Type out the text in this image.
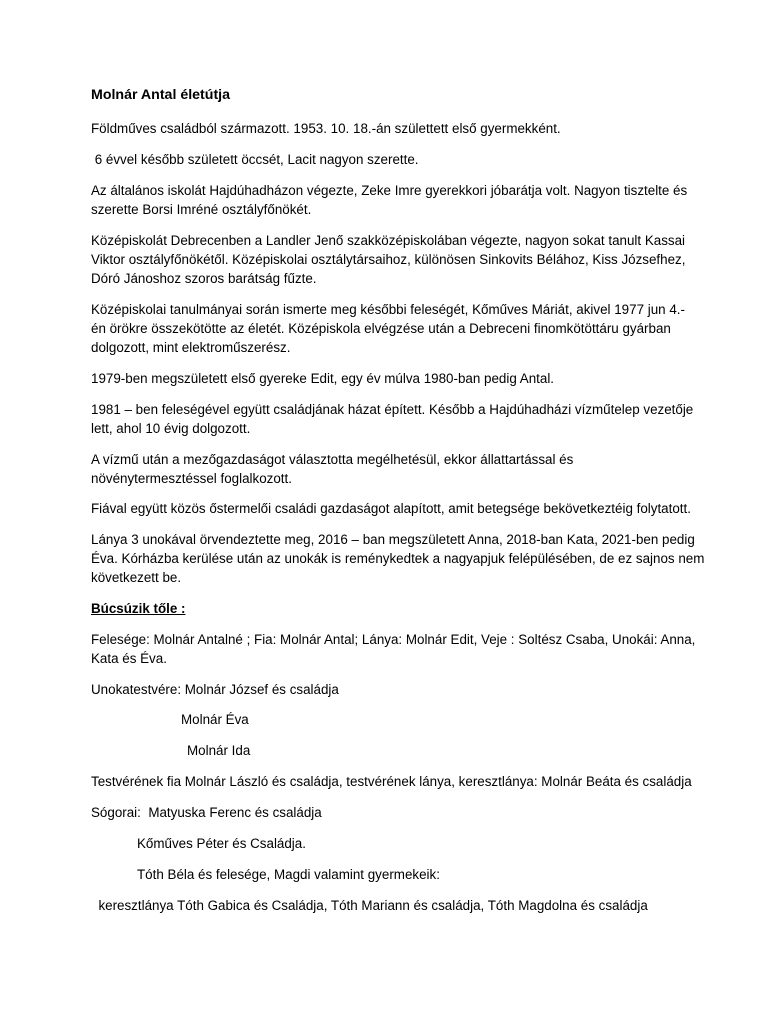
Molnár Antal életútja

Földműves családból származott. 1953. 10. 18.-án születtett első gyermekként.

6 évvel később született öccsét, Lacit nagyon szerette.

Az általános iskolát Hajdúhadházon végezte, Zeke Imre gyerekkori jóbarátja volt. Nagyon tisztelte és

szerette Borsi Imréné osztályfőnökét.

Középiskolát Debrecenben a Landler Jenő szakközépiskolában végezte, nagyon sokat tanult Kassai

Viktor osztályfőnökétől. Középiskolai osztálytársaihoz, különösen Sinkovits Bélához, Kiss Józsefhez,

Dóró Jánoshoz szoros barátság fűzte.

Középiskolai tanulmányai során ismerte meg későbbi feleségét, Kőműves Máriát, akivel 1977 jun 4.-

én örökre összekötötte az életét. Középiskola elvégzése után a Debreceni finomkötöttáru gyárban

dolgozott, mint elektroműszerész.

1979-ben megszületett első gyereke Edit, egy év múlva 1980-ban pedig Antal.

1981 – ben feleségével együtt családjának házat épített. Később a Hajdúhadházi vízműtelep vezetője

lett, ahol 10 évig dolgozott.

A vízmű után a mezőgazdaságot választotta megélhetésül, ekkor állattartással és

növénytermesztéssel foglalkozott.

Fiával együtt közös őstermelői családi gazdaságot alapított, amit betegsége bekövetkeztéig folytatott.

Lánya 3 unokával örvendeztette meg, 2016 – ban megszületett Anna, 2018-ban Kata, 2021-ben pedig

Éva. Kórházba kerülése után az unokák is reménykedtek a nagyapjuk felépülésében, de ez sajnos nem

következett be.

Búcsúzik tőle :

Felesége: Molnár Antalné ; Fia: Molnár Antal; Lánya: Molnár Edit, Veje : Soltész Csaba, Unokái: Anna,

Kata és Éva.

Unokatestvére: Molnár József és családja

Molnár Éva

Molnár Ida

Testvérének fia Molnár László és családja, testvérének lánya, keresztlánya: Molnár Beáta és családja

Sógorai:  Matyuska Ferenc és családja

Kőműves Péter és Családja.

Tóth Béla és felesége, Magdi valamint gyermekeik:

keresztlánya Tóth Gabica és Családja, Tóth Mariann és családja, Tóth Magdolna és családja
